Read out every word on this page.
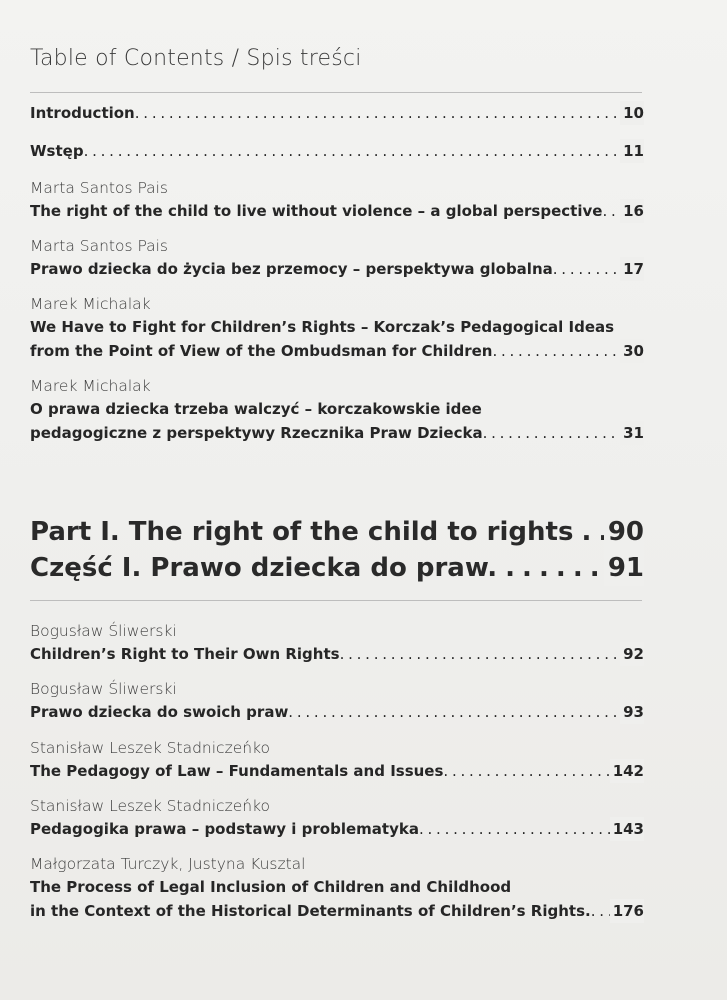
Table of Contents / Spis treści
Introduction	10
. . .
Wstęp	11
. . .
Marta Santos Pais
The right of the child to live without violence – a global perspective 16
. . .
Marta Santos Pais
Prawo dziecka do życia bez przemocy – perspektywa globalna	17
. . .
Marek Michalak
We Have to Fight for Children’s Rights – Korczak’s Pedagogical Ideas
from the Point of View of the Ombudsman for Children	30
. . .
Marek Michalak
O prawa dziecka trzeba walczyć – korczakowskie idee
pedagogiczne z perspektywy Rzecznika Praw Dziecka	31
. . .
Part I. The right of the child to rights 90
. . .
Część I. Prawo dziecka do praw.	91
. . .
Bogusław Śliwerski
Children’s Right to Their Own Rights	92
. . .
Bogusław Śliwerski
Prawo dziecka do swoich praw	93
. . .
Stanisław Leszek Stadniczeńko
The Pedagogy of Law – Fundamentals and Issues	142
. . .
Stanisław Leszek Stadniczeńko
Pedagogika prawa – podstawy i problematyka	143
. . .
Małgorzata Turczyk, Justyna Kusztal
The Process of Legal Inclusion of Children and Childhood
in the Context of the Historical Determinants of Children’s Rights. 176
. . .
